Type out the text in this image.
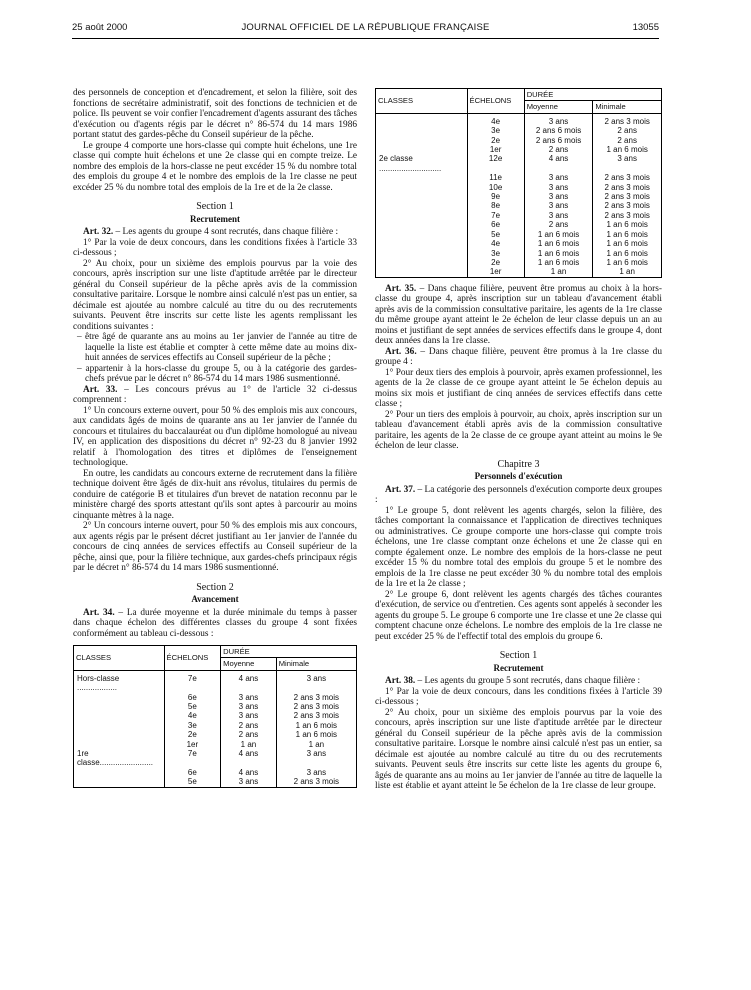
25 août 2000	JOURNAL OFFICIEL DE LA RÉPUBLIQUE FRANÇAISE	13055

des personnels de conception et d'encadrement, et selon la filière, soit des fonctions de secrétaire administratif, soit des fonctions de technicien et de police. Ils peuvent se voir confier l'encadrement d'agents assurant des tâches d'exécution ou d'agents régis par le décret n° 86-574 du 14 mars 1986 portant statut des gardes-pêche du Conseil supérieur de la pêche.

Le groupe 4 comporte une hors-classe qui compte huit échelons, une 1re classe qui compte huit échelons et une 2e classe qui en compte treize. Le nombre des emplois de la hors-classe ne peut excéder 15 % du nombre total des emplois du groupe 4 et le nombre des emplois de la 1re classe ne peut excéder 25 % du nombre total des emplois de la 1re et de la 2e classe.

Section 1
Recrutement

Art. 32. – Les agents du groupe 4 sont recrutés, dans chaque filière :

1° Par la voie de deux concours, dans les conditions fixées à l'article 33 ci-dessous ;

2° Au choix, pour un sixième des emplois pourvus par la voie des concours, après inscription sur une liste d'aptitude arrêtée par le directeur général du Conseil supérieur de la pêche après avis de la commission consultative paritaire. Lorsque le nombre ainsi calculé n'est pas un entier, sa décimale est ajoutée au nombre calculé au titre du ou des recrutements suivants. Peuvent être inscrits sur cette liste les agents remplissant les conditions suivantes :

– être âgé de quarante ans au moins au 1er janvier de l'année au titre de laquelle la liste est établie et compter à cette même date au moins dix-huit années de services effectifs au Conseil supérieur de la pêche ;
– appartenir à la hors-classe du groupe 5, ou à la catégorie des gardes-chefs prévue par le décret n° 86-574 du 14 mars 1986 susmentionné.

Art. 33. – Les concours prévus au 1° de l'article 32 ci-dessus comprennent :

1° Un concours externe ouvert, pour 50 % des emplois mis aux concours, aux candidats âgés de moins de quarante ans au 1er janvier de l'année du concours et titulaires du baccalauréat ou d'un diplôme homologué au niveau IV, en application des dispositions du décret n° 92-23 du 8 janvier 1992 relatif à l'homologation des titres et diplômes de l'enseignement technologique.

En outre, les candidats au concours externe de recrutement dans la filière technique doivent être âgés de dix-huit ans révolus, titulaires du permis de conduire de catégorie B et titulaires d'un brevet de natation reconnu par le ministère chargé des sports attestant qu'ils sont aptes à parcourir au moins cinquante mètres à la nage.

2° Un concours interne ouvert, pour 50 % des emplois mis aux concours, aux agents régis par le présent décret justifiant au 1er janvier de l'année du concours de cinq années de services effectifs au Conseil supérieur de la pêche, ainsi que, pour la filière technique, aux gardes-chefs principaux régis par le décret n° 86-574 du 14 mars 1986 susmentionné.

Section 2
Avancement

Art. 34. – La durée moyenne et la durée minimale du temps à passer dans chaque échelon des différentes classes du groupe 4 sont fixées conformément au tableau ci-dessous :

CLASSES	ÉCHELONS	DURÉE	
		Moyenne	Minimale
Hors-classe ..................	7e	4 ans	3 ans
	6e	3 ans	2 ans 3 mois
	5e	3 ans	2 ans 3 mois
	4e	3 ans	2 ans 3 mois
	3e	2 ans	1 an 6 mois
	2e	2 ans	1 an 6 mois
	1er	1 an	1 an
1re classe........................	7e	4 ans	3 ans
	6e	4 ans	3 ans
	5e	3 ans	2 ans 3 mois
CLASSES	ÉCHELONS	DURÉE	
		Moyenne	Minimale
	4e	3 ans	2 ans 3 mois
	3e	2 ans 6 mois	2 ans
	2e	2 ans 6 mois	2 ans
	1er	2 ans	1 an 6 mois
2e classe ............................	12e	4 ans	3 ans
	11e	3 ans	2 ans 3 mois
	10e	3 ans	2 ans 3 mois
	9e	3 ans	2 ans 3 mois
	8e	3 ans	2 ans 3 mois
	7e	3 ans	2 ans 3 mois
	6e	2 ans	1 an 6 mois
	5e	1 an 6 mois	1 an 6 mois
	4e	1 an 6 mois	1 an 6 mois
	3e	1 an 6 mois	1 an 6 mois
	2e	1 an 6 mois	1 an 6 mois
	1er	1 an	1 an

Art. 35. – Dans chaque filière, peuvent être promus au choix à la hors-classe du groupe 4, après inscription sur un tableau d'avancement établi après avis de la commission consultative paritaire, les agents de la 1re classe du même groupe ayant atteint le 2e échelon de leur classe depuis un an au moins et justifiant de sept années de services effectifs dans le groupe 4, dont deux années dans la 1re classe.

Art. 36. – Dans chaque filière, peuvent être promus à la 1re classe du groupe 4 :

1° Pour deux tiers des emplois à pourvoir, après examen professionnel, les agents de la 2e classe de ce groupe ayant atteint le 5e échelon depuis au moins six mois et justifiant de cinq années de services effectifs dans cette classe ;

2° Pour un tiers des emplois à pourvoir, au choix, après inscription sur un tableau d'avancement établi après avis de la commission consultative paritaire, les agents de la 2e classe de ce groupe ayant atteint au moins le 9e échelon de leur classe.

Chapitre 3
Personnels d'exécution

Art. 37. – La catégorie des personnels d'exécution comporte deux groupes :

1° Le groupe 5, dont relèvent les agents chargés, selon la filière, des tâches comportant la connaissance et l'application de directives techniques ou administratives. Ce groupe comporte une hors-classe qui compte trois échelons, une 1re classe comptant onze échelons et une 2e classe qui en compte également onze. Le nombre des emplois de la hors-classe ne peut excéder 15 % du nombre total des emplois du groupe 5 et le nombre des emplois de la 1re classe ne peut excéder 30 % du nombre total des emplois de la 1re et la 2e classe ;

2° Le groupe 6, dont relèvent les agents chargés des tâches courantes d'exécution, de service ou d'entretien. Ces agents sont appelés à seconder les agents du groupe 5. Le groupe 6 comporte une 1re classe et une 2e classe qui comptent chacune onze échelons. Le nombre des emplois de la 1re classe ne peut excéder 25 % de l'effectif total des emplois du groupe 6.

Section 1
Recrutement

Art. 38. – Les agents du groupe 5 sont recrutés, dans chaque filière :

1° Par la voie de deux concours, dans les conditions fixées à l'article 39 ci-dessous ;

2° Au choix, pour un sixième des emplois pourvus par la voie des concours, après inscription sur une liste d'aptitude arrêtée par le directeur général du Conseil supérieur de la pêche après avis de la commission consultative paritaire. Lorsque le nombre ainsi calculé n'est pas un entier, sa décimale est ajoutée au nombre calculé au titre du ou des recrutements suivants. Peuvent seuls être inscrits sur cette liste les agents du groupe 6, âgés de quarante ans au moins au 1er janvier de l'année au titre de laquelle la liste est établie et ayant atteint le 5e échelon de la 1re classe de leur groupe.
